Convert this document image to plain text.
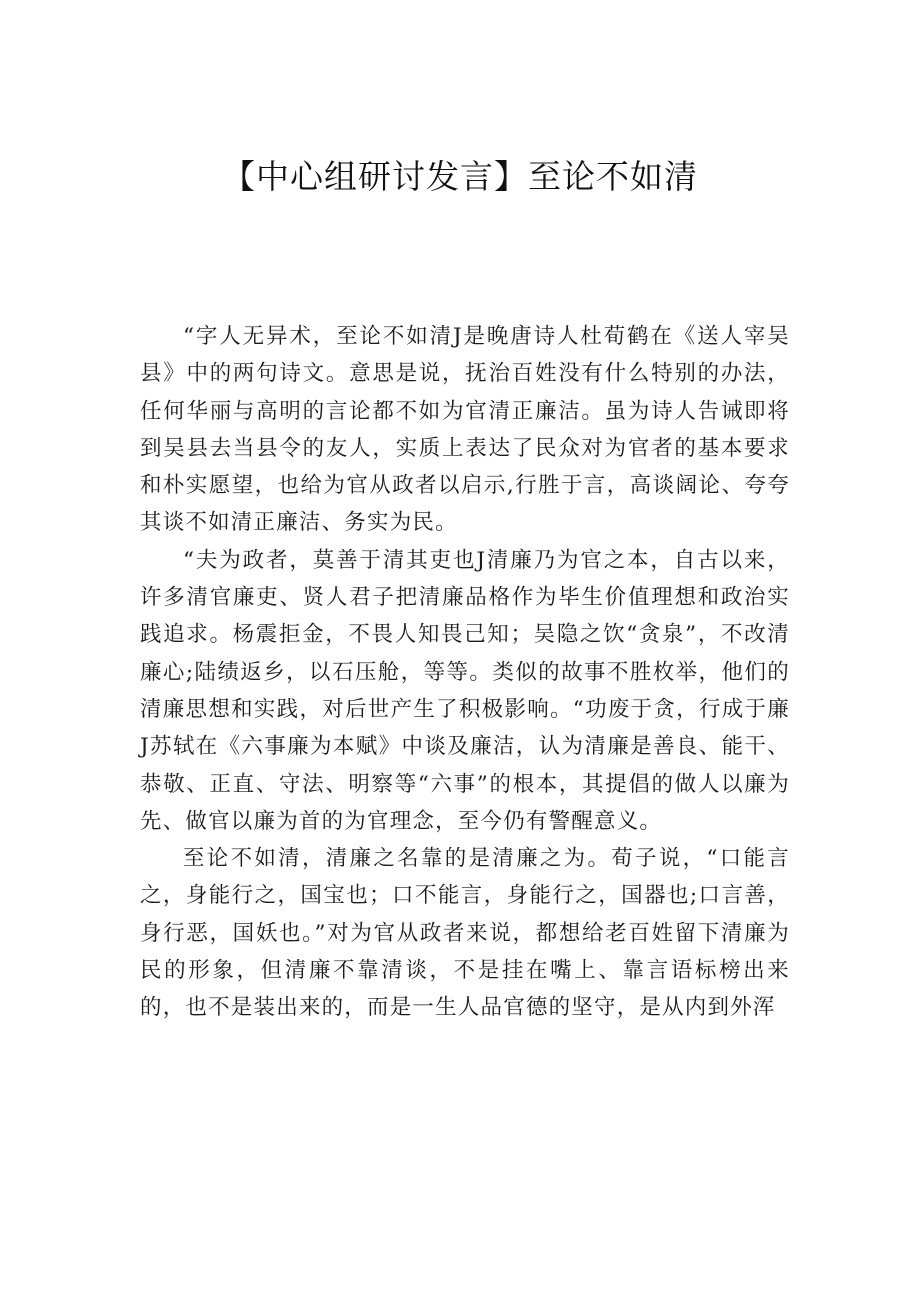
【中心组研讨发言】至论不如清

“字人无异术，至论不如清J是晚唐诗人杜荀鹤在《送人宰吴县》中的两句诗文。意思是说，抚治百姓没有什么特别的办法，任何华丽与高明的言论都不如为官清正廉洁。虽为诗人告诫即将到吴县去当县令的友人，实质上表达了民众对为官者的基本要求和朴实愿望，也给为官从政者以启示,行胜于言，高谈阔论、夸夸其谈不如清正廉洁、务实为民。

“夫为政者，莫善于清其吏也J清廉乃为官之本，自古以来，许多清官廉吏、贤人君子把清廉品格作为毕生价值理想和政治实践追求。杨震拒金，不畏人知畏己知；吴隐之饮“贪泉”，不改清廉心;陆绩返乡，以石压舱，等等。类似的故事不胜枚举，他们的清廉思想和实践，对后世产生了积极影响。“功废于贪，行成于廉J苏轼在《六事廉为本赋》中谈及廉洁，认为清廉是善良、能干、恭敬、正直、守法、明察等“六事”的根本，其提倡的做人以廉为先、做官以廉为首的为官理念，至今仍有警醒意义。

至论不如清，清廉之名靠的是清廉之为。荀子说，“口能言之，身能行之，国宝也；口不能言，身能行之，国器也;口言善，身行恶，国妖也。”对为官从政者来说，都想给老百姓留下清廉为民的形象，但清廉不靠清谈，不是挂在嘴上、靠言语标榜出来的，也不是装出来的，而是一生人品官德的坚守，是从内到外浑
